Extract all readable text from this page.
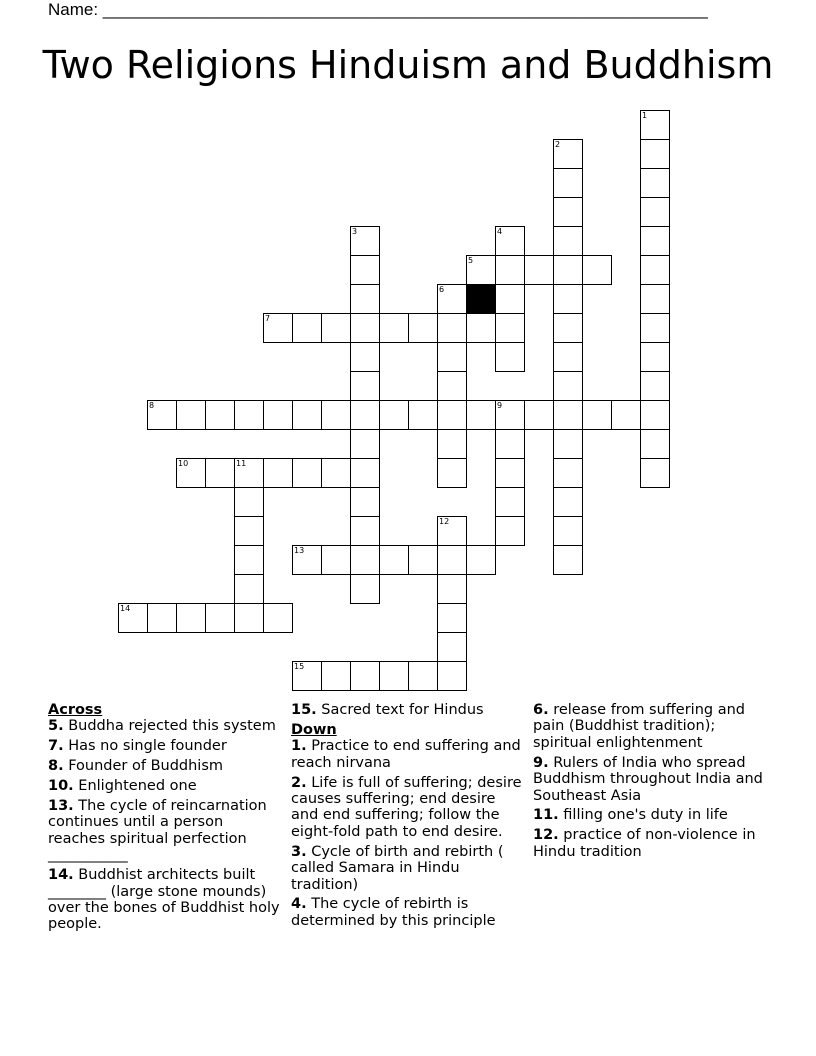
Name: ________________________________________________________________
Two Religions Hinduism and Buddhism
1
2
3	4
5
6
7
8	9
10	11
12
13
14
15
Across
5. Buddha rejected this system
7. Has no single founder
8. Founder of Buddhism
10. Enlightened one
13. The cycle of reincarnation continues until a person reaches spiritual perfection ___________
14. Buddhist architects built ________ (large stone mounds) over the bones of Buddhist holy people.
15. Sacred text for Hindus
Down
1. Practice to end suffering and reach nirvana
2. Life is full of suffering; desire causes suffering; end desire and end suffering; follow the eight-fold path to end desire.
3. Cycle of birth and rebirth ( called Samara in Hindu tradition)
4. The cycle of rebirth is determined by this principle
6. release from suffering and pain (Buddhist tradition); spiritual enlightenment
9. Rulers of India who spread Buddhism throughout India and Southeast Asia
11. filling one's duty in life
12. practice of non-violence in Hindu tradition
